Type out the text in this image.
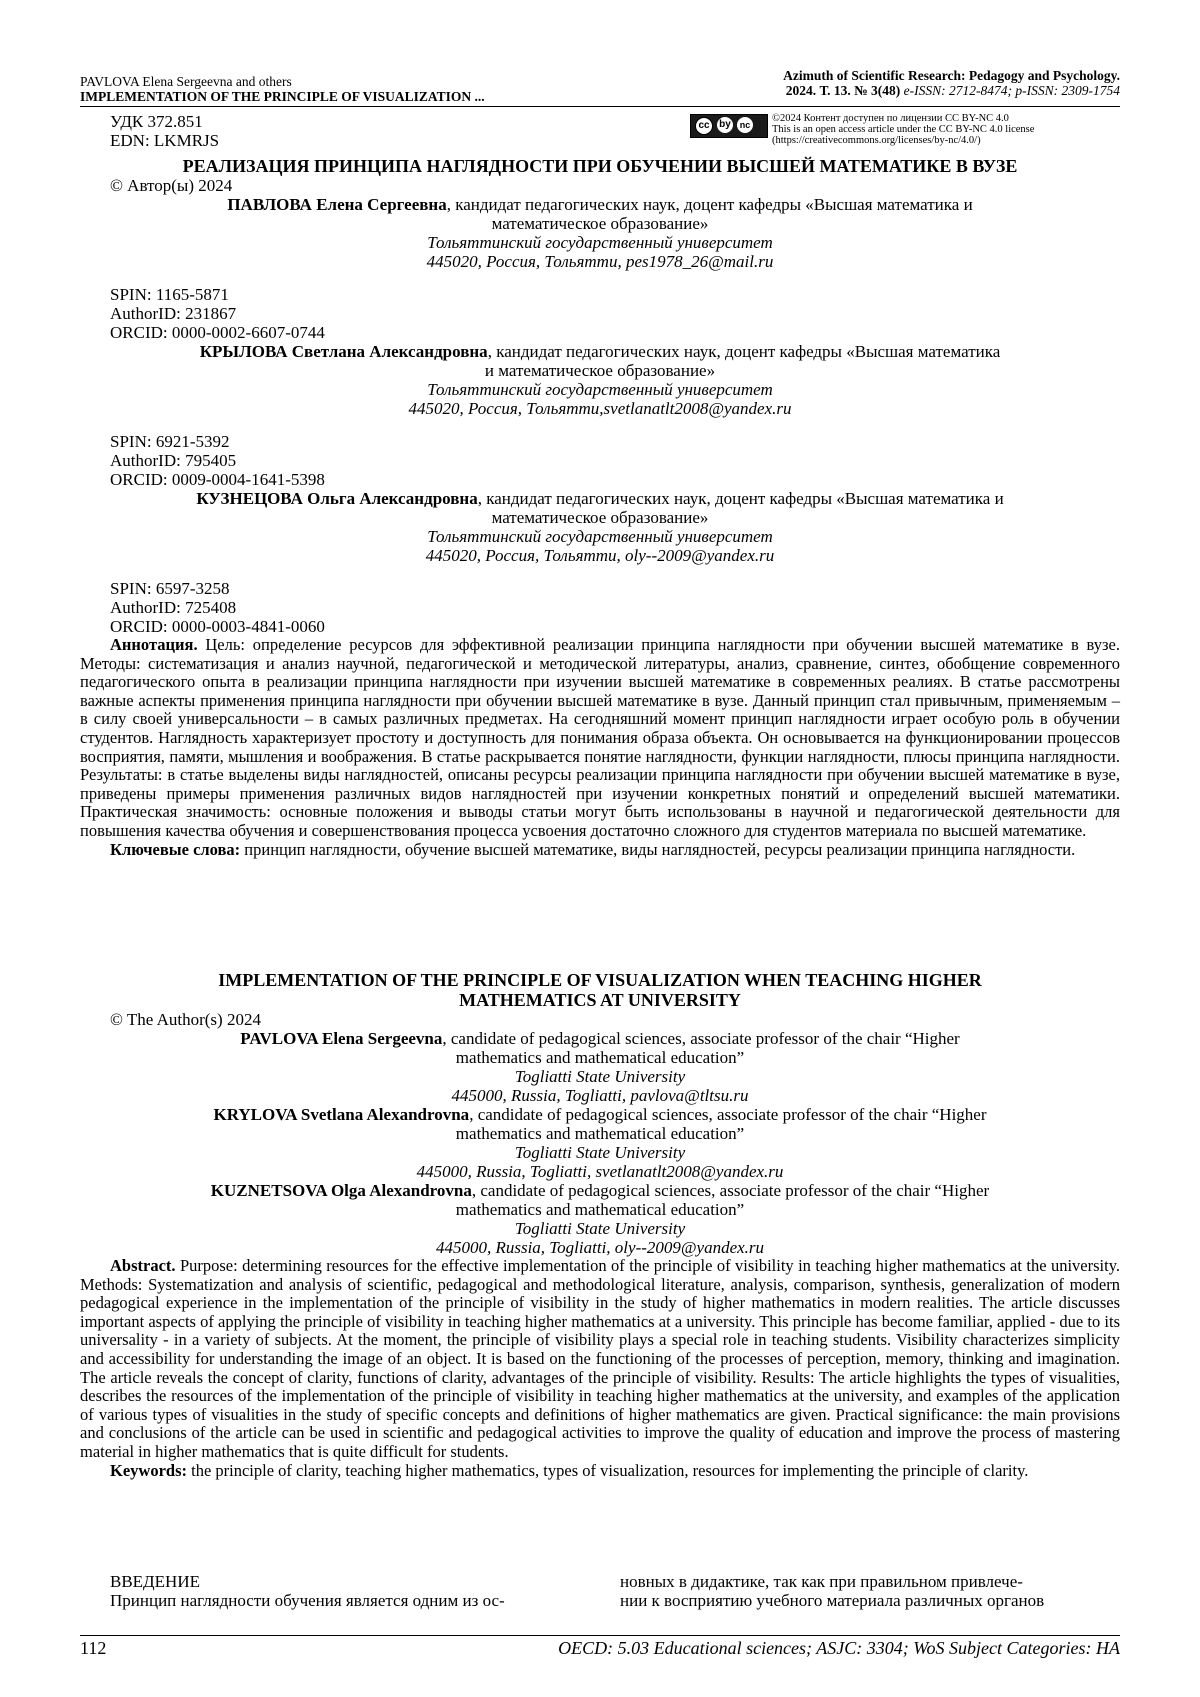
PAVLOVA Elena Sergeevna and others
IMPLEMENTATION OF THE PRINCIPLE OF VISUALIZATION ...
Azimuth of Scientific Research: Pedagogy and Psychology.
2024. Т. 13. № 3(48) e-ISSN: 2712-8474; p-ISSN: 2309-1754
УДК 372.851
EDN: LKMRJS
cc by nc
©2024 Контент доступен по лицензии CC BY-NC 4.0
This is an open access article under the CC BY-NC 4.0 license
(https://creativecommons.org/licenses/by-nc/4.0/)
РЕАЛИЗАЦИЯ ПРИНЦИПА НАГЛЯДНОСТИ ПРИ ОБУЧЕНИИ ВЫСШЕЙ МАТЕМАТИКЕ В ВУЗЕ
© Автор(ы) 2024
ПАВЛОВА Елена Сергеевна, кандидат педагогических наук, доцент кафедры «Высшая математика и
математическое образование»
Тольяттинский государственный университет
445020, Россия, Тольятти, pes1978_26@mail.ru
SPIN: 1165-5871
AuthorID: 231867
ORCID: 0000-0002-6607-0744
КРЫЛОВА Светлана Александровна, кандидат педагогических наук, доцент кафедры «Высшая математика
и математическое образование»
Тольяттинский государственный университет
445020, Россия, Тольятти,svetlanatlt2008@yandex.ru
SPIN: 6921-5392
AuthorID: 795405
ORCID: 0009-0004-1641-5398
КУЗНЕЦОВА Ольга Александровна, кандидат педагогических наук, доцент кафедры «Высшая математика и
математическое образование»
Тольяттинский государственный университет
445020, Россия, Тольятти, oly--2009@yandex.ru
SPIN: 6597-3258
AuthorID: 725408
ORCID: 0000-0003-4841-0060
Аннотация. Цель: определение ресурсов для эффективной реализации принципа наглядности при обучении высшей математике в вузе. Методы: систематизация и анализ научной, педагогической и методической литературы, анализ, сравнение, синтез, обобщение современного педагогического опыта в реализации принципа наглядности при изучении высшей математике в современных реалиях. В статье рассмотрены важные аспекты применения принципа наглядности при обучении высшей математике в вузе. Данный принцип стал привычным, применяемым – в силу своей универсальности – в самых различных предметах. На сегодняшний момент принцип наглядности играет особую роль в обучении студентов. Наглядность характеризует простоту и доступность для понимания образа объекта. Он основывается на функционировании процессов восприятия, памяти, мышления и воображения. В статье раскрывается понятие наглядности, функции наглядности, плюсы принципа наглядности. Результаты: в статье выделены виды наглядностей, описаны ресурсы реализации принципа наглядности при обучении высшей математике в вузе, приведены примеры применения различных видов наглядностей при изучении конкретных понятий и определений высшей математики. Практическая значимость: основные положения и выводы статьи могут быть использованы в научной и педагогической деятельности для повышения качества обучения и совершенствования процесса усвоения достаточно сложного для студентов материала по высшей математике.
Ключевые слова: принцип наглядности, обучение высшей математике, виды наглядностей, ресурсы реализации принципа наглядности.
IMPLEMENTATION OF THE PRINCIPLE OF VISUALIZATION WHEN TEACHING HIGHER
MATHEMATICS AT UNIVERSITY
© The Author(s) 2024
PAVLOVA Elena Sergeevna, candidate of pedagogical sciences, associate professor of the chair “Higher
mathematics and mathematical education”
Togliatti State University
445000, Russia, Togliatti, pavlova@tltsu.ru
KRYLOVA Svetlana Alexandrovna, candidate of pedagogical sciences, associate professor of the chair “Higher
mathematics and mathematical education”
Togliatti State University
445000, Russia, Togliatti, svetlanatlt2008@yandex.ru
KUZNETSOVA Olga Alexandrovna, candidate of pedagogical sciences, associate professor of the chair “Higher
mathematics and mathematical education”
Togliatti State University
445000, Russia, Togliatti, oly--2009@yandex.ru
Abstract. Purpose: determining resources for the effective implementation of the principle of visibility in teaching higher mathematics at the university. Methods: Systematization and analysis of scientific, pedagogical and methodological literature, analysis, comparison, synthesis, generalization of modern pedagogical experience in the implementation of the principle of visibility in the study of higher mathematics in modern realities. The article discusses important aspects of applying the principle of visibility in teaching higher mathematics at a university. This principle has become familiar, applied - due to its universality - in a variety of subjects. At the moment, the principle of visibility plays a special role in teaching students. Visibility characterizes simplicity and accessibility for understanding the image of an object. It is based on the functioning of the processes of perception, memory, thinking and imagination. The article reveals the concept of clarity, functions of clarity, advantages of the principle of visibility. Results: The article highlights the types of visualities, describes the resources of the implementation of the principle of visibility in teaching higher mathematics at the university, and examples of the application of various types of visualities in the study of specific concepts and definitions of higher mathematics are given. Practical significance: the main provisions and conclusions of the article can be used in scientific and pedagogical activities to improve the quality of education and improve the process of mastering material in higher mathematics that is quite difficult for students.
Keywords: the principle of clarity, teaching higher mathematics, types of visualization, resources for implementing the principle of clarity.
ВВЕДЕНИЕ
Принцип наглядности обучения является одним из ос-
новных в дидактике, так как при правильном привлече-
нии к восприятию учебного материала различных органов
112	OECD: 5.03 Educational sciences; ASJC: 3304; WoS Subject Categories: HA
